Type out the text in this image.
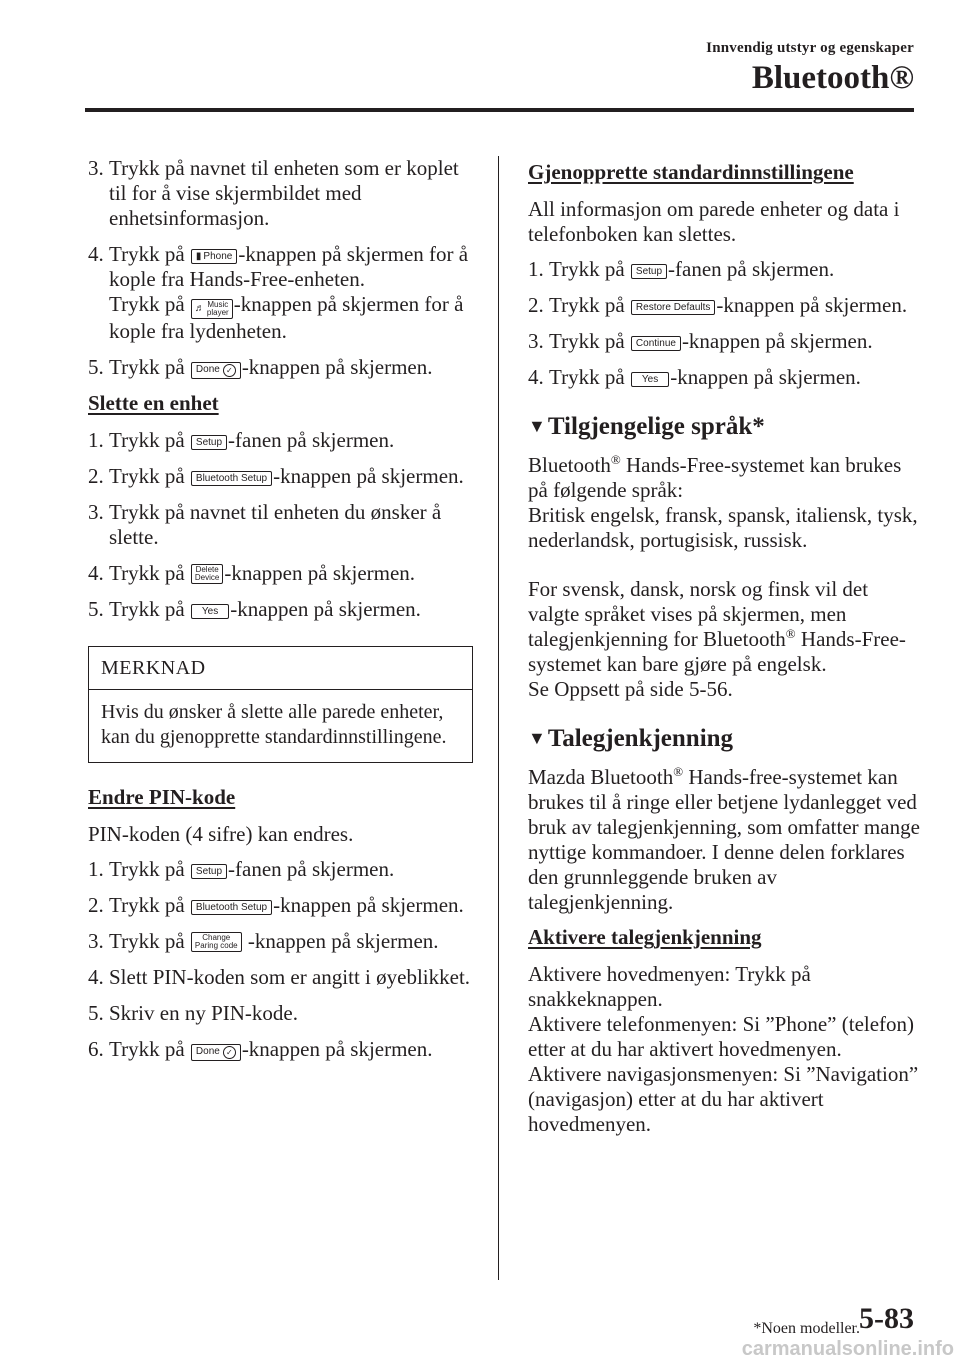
Innvendig utstyr og egenskaper
Bluetooth®
3. Trykk på navnet til enheten som er koplet til for å vise skjermbildet med enhetsinformasjon.
4. Trykk på ▮ Phone -knappen på skjermen for å kople fra Hands-Free-enheten.
Trykk på ♬ Music
player -knappen på skjermen for å kople fra lydenheten.
5. Trykk på Done ✓ -knappen på skjermen.
Slette en enhet
1. Trykk på Setup -fanen på skjermen.
2. Trykk på Bluetooth Setup -knappen på skjermen.
3. Trykk på navnet til enheten du ønsker å slette.
4. Trykk på Delete
Device -knappen på skjermen.
5. Trykk på Yes -knappen på skjermen.
MERKNAD
Hvis du ønsker å slette alle parede enheter, kan du gjenopprette standardinnstillingene.
Endre PIN-kode
PIN-koden (4 sifre) kan endres.
1. Trykk på Setup -fanen på skjermen.
2. Trykk på Bluetooth Setup -knappen på skjermen.
3. Trykk på	Change
Paring code -knappen på skjermen.
4. Slett PIN-koden som er angitt i øyeblikket.
5. Skriv en ny PIN-kode.
6. Trykk på Done ✓ -knappen på skjermen.
Gjenopprette standardinnstillingene
All informasjon om parede enheter og data i telefonboken kan slettes.
1. Trykk på Setup -fanen på skjermen.
2. Trykk på Restore Defaults -knappen på skjermen.
3. Trykk på Continue -knappen på skjermen.
4. Trykk på Yes -knappen på skjermen.
▼ Tilgjengelige språk*
Bluetooth® Hands-Free-systemet kan brukes på følgende språk:
Britisk engelsk, fransk, spansk, italiensk, tysk, nederlandsk, portugisisk, russisk.
For svensk, dansk, norsk og finsk vil det valgte språket vises på skjermen, men talegjenkjenning for Bluetooth® Hands-Free-systemet kan bare gjøre på engelsk.
Se Oppsett på side 5-56.
▼ Talegjenkjenning
Mazda Bluetooth® Hands-free-systemet kan brukes til å ringe eller betjene lydanlegget ved bruk av talegjenkjenning, som omfatter mange nyttige kommandoer. I denne delen forklares den grunnleggende bruken av talegjenkjenning.
Aktivere talegjenkjenning
Aktivere hovedmenyen: Trykk på snakkeknappen.
Aktivere telefonmenyen: Si ”Phone” (telefon) etter at du har aktivert hovedmenyen.
Aktivere navigasjonsmenyen: Si ”Navigation” (navigasjon) etter at du har aktivert hovedmenyen.
*Noen modeller. 5-83
carmanualsonline.info
